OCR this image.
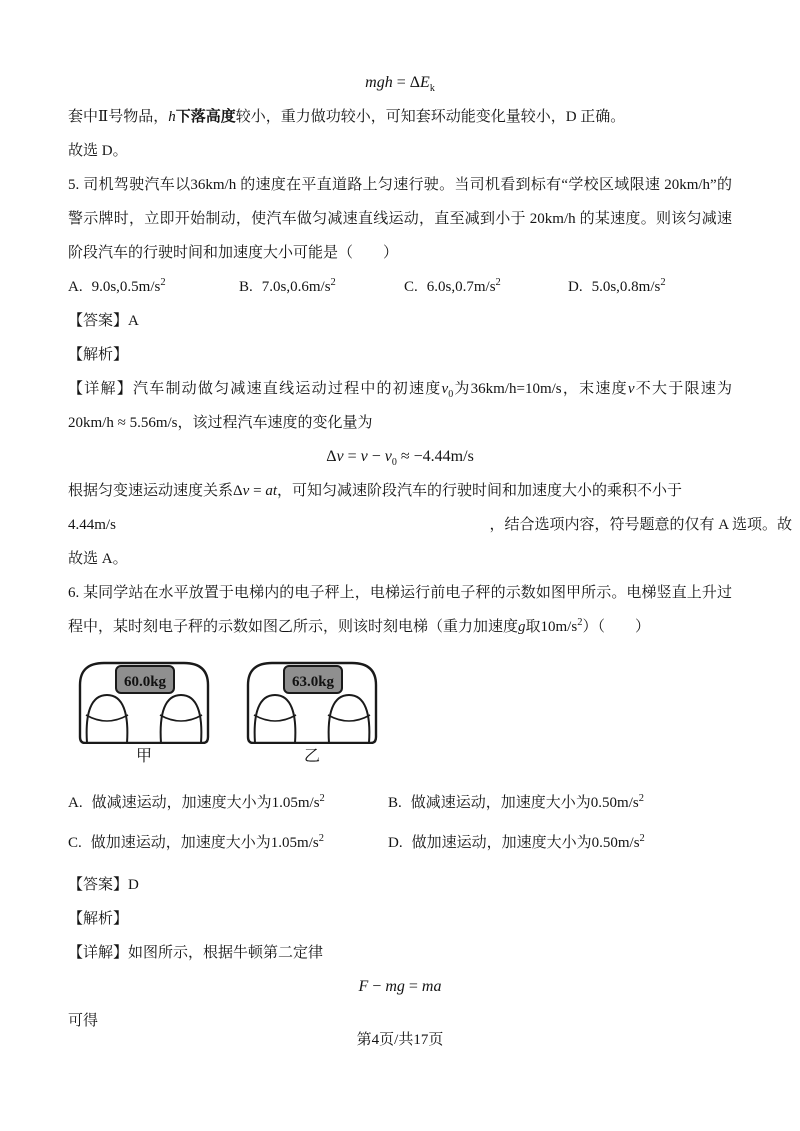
mgh = $\Delta E_k$

套中Ⅱ号物品，h下落高度较小，重力做功较小，可知套环动能变化量较小，D 正确。

故选 D。

5. 司机驾驶汽车以36km/h 的速度在平直道路上匀速行驶。当司机看到标有“学校区域限速 20km/h”的警示牌时，立即开始制动，使汽车做匀减速直线运动，直至减到小于 20km/h 的某速度。则该匀减速阶段汽车的行驶时间和加速度大小可能是（　　）

A. $9.0s,0.5m/s^2$	B. $7.0s,0.6m/s^2$	C. $6.0s,0.7m/s^2$	D. $5.0s,0.8m/s^2$

【答案】A

【解析】

【详解】汽车制动做匀减速直线运动过程中的初速度$v_0$为36km/h=10m/s，末速度v不大于限速为 20km/h ≈ 5.56m/s，该过程汽车速度的变化量为

$\Delta v = v - v_0 \approx -4.44m/s$

根据匀变速运动速度关系Δv = at，可知匀减速阶段汽车的行驶时间和加速度大小的乘积不小于

4.44m/s	，结合选项内容，符号题意的仅有 A 选项。故

故选 A。

6. 某同学站在水平放置于电梯内的电子秤上，电梯运行前电子秤的示数如图甲所示。电梯竖直上升过程中，某时刻电子秤的示数如图乙所示，则该时刻电梯（重力加速度g取$10m/s^2$）（　　）

60.0kg
甲
63.0kg
乙
A. 做减速运动，加速度大小为$1.05m/s^2$	B. 做减速运动，加速度大小为$0.50m/s^2$
C. 做加速运动，加速度大小为$1.05m/s^2$	D. 做加速运动，加速度大小为$0.50m/s^2$

【答案】D

【解析】

【详解】如图所示，根据牛顿第二定律

F − mg = ma

可得

第4页/共17页
